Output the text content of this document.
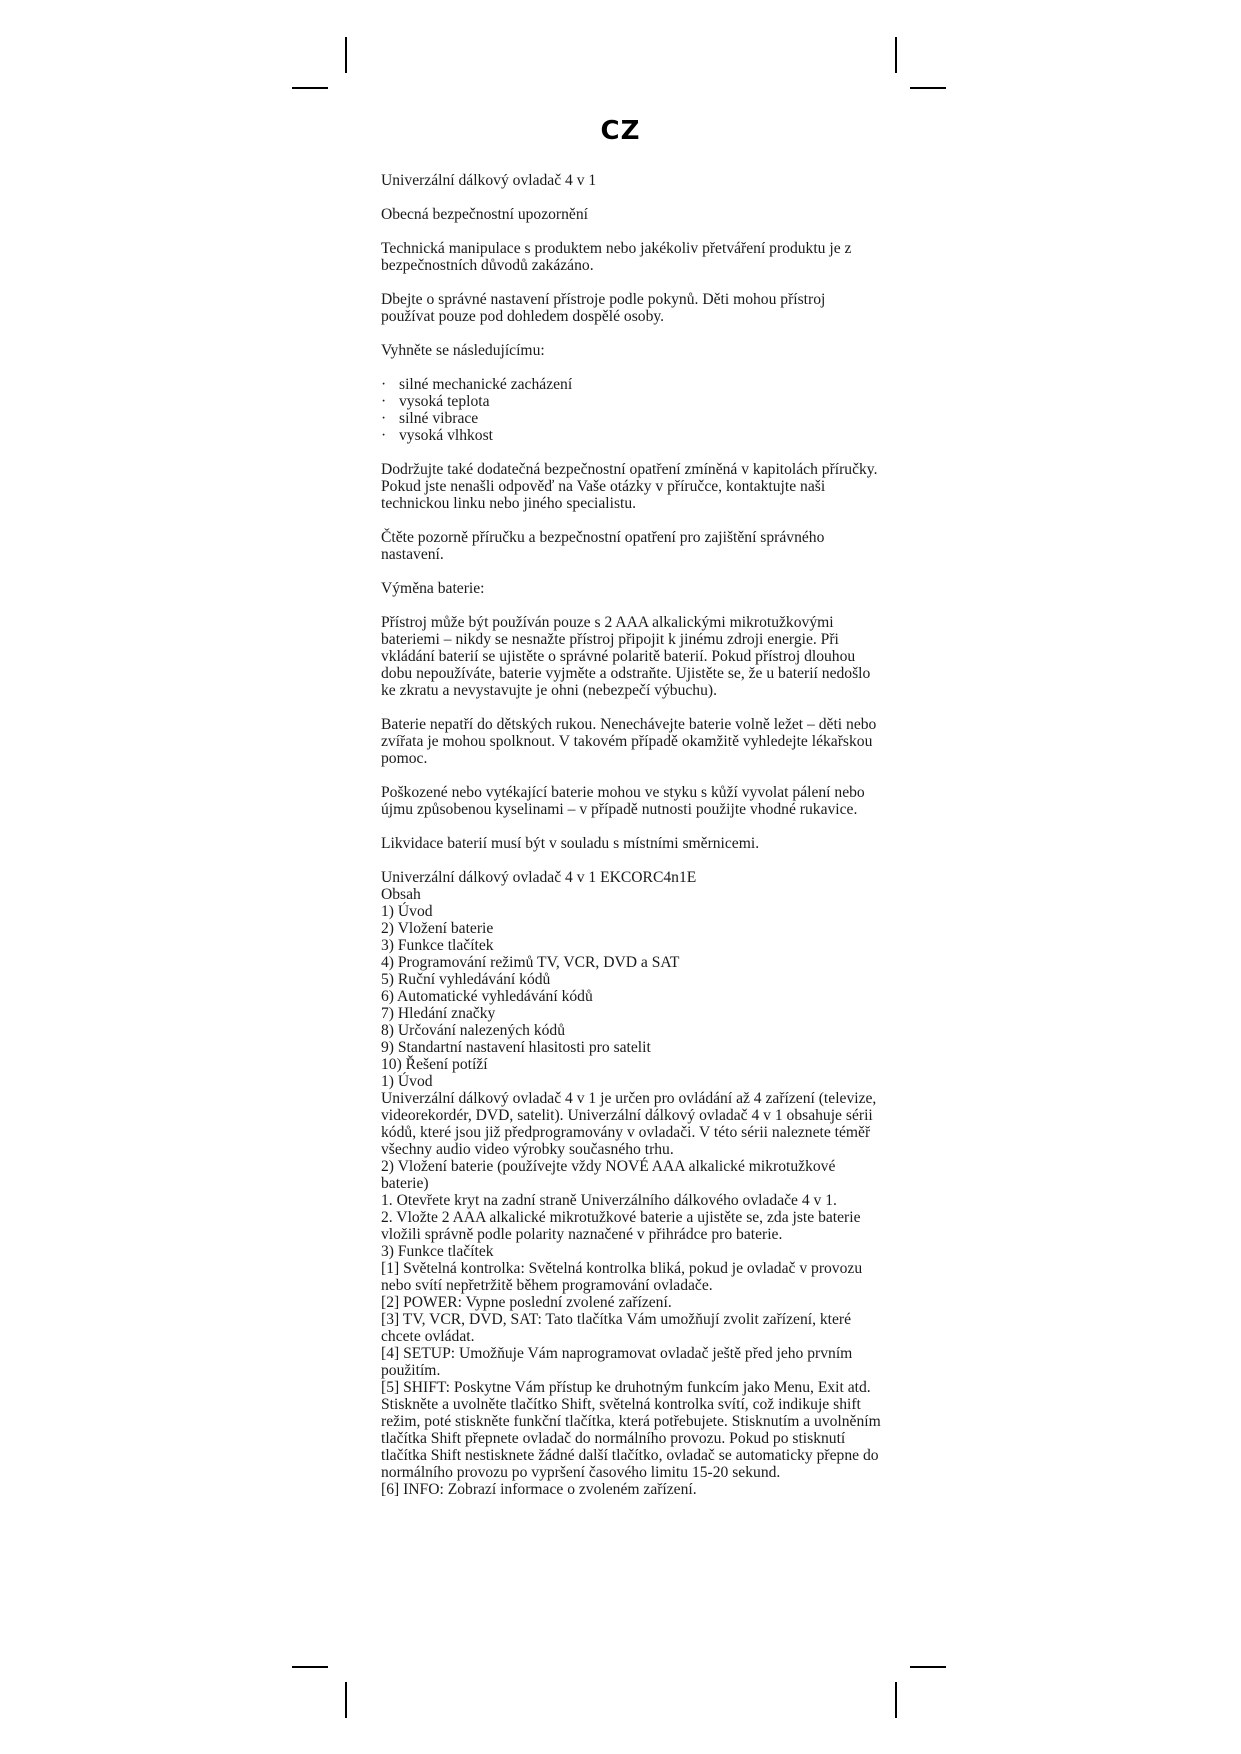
CZ

Univerzální dálkový ovladač 4 v 1

Obecná bezpečnostní upozornění

Technická manipulace s produktem nebo jakékoliv přetváření produktu je z bezpečnostních důvodů zakázáno.

Dbejte o správné nastavení přístroje podle pokynů. Děti mohou přístroj používat pouze pod dohledem dospělé osoby.

Vyhněte se následujícímu:

· silné mechanické zacházení
· vysoká teplota
· silné vibrace
· vysoká vlhkost

Dodržujte také dodatečná bezpečnostní opatření zmíněná v kapitolách příručky. Pokud jste nenašli odpověď na Vaše otázky v příručce, kontaktujte naši technickou linku nebo jiného specialistu.

Čtěte pozorně příručku a bezpečnostní opatření pro zajištění správného nastavení.

Výměna baterie:

Přístroj může být používán pouze s 2 AAA alkalickými mikrotužkovými bateriemi – nikdy se nesnažte přístroj připojit k jinému zdroji energie. Při vkládání baterií se ujistěte o správné polaritě baterií. Pokud přístroj dlouhou dobu nepoužíváte, baterie vyjměte a odstraňte. Ujistěte se, že u baterií nedošlo ke zkratu a nevystavujte je ohni (nebezpečí výbuchu).

Baterie nepatří do dětských rukou. Nenechávejte baterie volně ležet – děti nebo zvířata je mohou spolknout. V takovém případě okamžitě vyhledejte lékařskou pomoc.

Poškozené nebo vytékající baterie mohou ve styku s kůží vyvolat pálení nebo újmu způsobenou kyselinami – v případě nutnosti použijte vhodné rukavice.

Likvidace baterií musí být v souladu s místními směrnicemi.

Univerzální dálkový ovladač 4 v 1 EKCORC4n1E
Obsah
1) Úvod
2) Vložení baterie
3) Funkce tlačítek
4) Programování režimů TV, VCR, DVD a SAT
5) Ruční vyhledávání kódů
6) Automatické vyhledávání kódů
7) Hledání značky
8) Určování nalezených kódů
9) Standartní nastavení hlasitosti pro satelit
10) Řešení potíží
1) Úvod
Univerzální dálkový ovladač 4 v 1 je určen pro ovládání až 4 zařízení (televize, videorekordér, DVD, satelit). Univerzální dálkový ovladač 4 v 1 obsahuje sérii kódů, které jsou již předprogramovány v ovladači. V této sérii naleznete téměř všechny audio video výrobky současného trhu.
2) Vložení baterie (používejte vždy NOVÉ AAA alkalické mikrotužkové baterie)
1. Otevřete kryt na zadní straně Univerzálního dálkového ovladače 4 v 1.
2. Vložte 2 AAA alkalické mikrotužkové baterie a ujistěte se, zda jste baterie vložili správně podle polarity naznačené v přihrádce pro baterie.
3) Funkce tlačítek
[1] Světelná kontrolka: Světelná kontrolka bliká, pokud je ovladač v provozu nebo svítí nepřetržitě během programování ovladače.
[2] POWER: Vypne poslední zvolené zařízení.
[3] TV, VCR, DVD, SAT: Tato tlačítka Vám umožňují zvolit zařízení, které chcete ovládat.
[4] SETUP: Umožňuje Vám naprogramovat ovladač ještě před jeho prvním použitím.
[5] SHIFT: Poskytne Vám přístup ke druhotným funkcím jako Menu, Exit atd. Stiskněte a uvolněte tlačítko Shift, světelná kontrolka svítí, což indikuje shift režim, poté stiskněte funkční tlačítka, která potřebujete. Stisknutím a uvolněním tlačítka Shift přepnete ovladač do normálního provozu. Pokud po stisknutí tlačítka Shift nestisknete žádné další tlačítko, ovladač se automaticky přepne do normálního provozu po vypršení časového limitu 15-20 sekund.
[6] INFO: Zobrazí informace o zvoleném zařízení.
